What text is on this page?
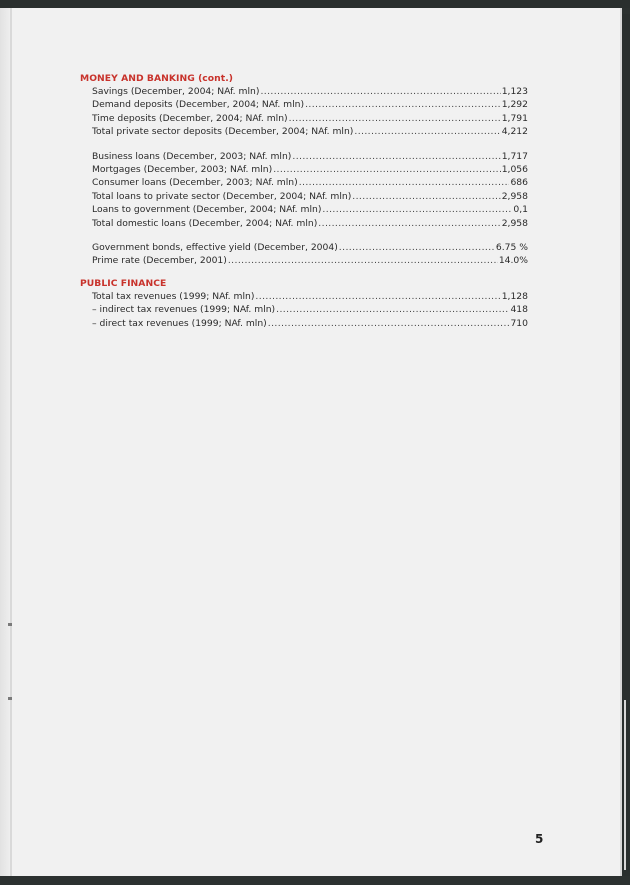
MONEY AND BANKING (cont.)
Savings (December, 2004; NAf. mln) .....	1,123
Demand deposits (December, 2004; NAf. mln) .....	1,292
Time deposits (December, 2004; NAf. mln) .....	1,791
Total private sector deposits (December, 2004; NAf. mln) .....	4,212
Business loans (December, 2003; NAf. mln) .....	1,717
Mortgages (December, 2003; NAf. mln) .....	1,056
Consumer loans (December, 2003; NAf. mln) .....	686
Total loans to private sector (December, 2004; NAf. mln) .....	2,958
Loans to government (December, 2004; NAf. mln) .....	0,1
Total domestic loans (December, 2004; NAf. mln) .....	2,958
Government bonds, effective yield (December, 2004) .....	6.75 %
Prime rate (December, 2001) .....	14.0%
PUBLIC FINANCE
Total tax revenues (1999; NAf. mln) .....	1,128
– indirect tax revenues (1999; NAf. mln) .....	418
– direct tax revenues (1999; NAf. mln) .....	710
5
